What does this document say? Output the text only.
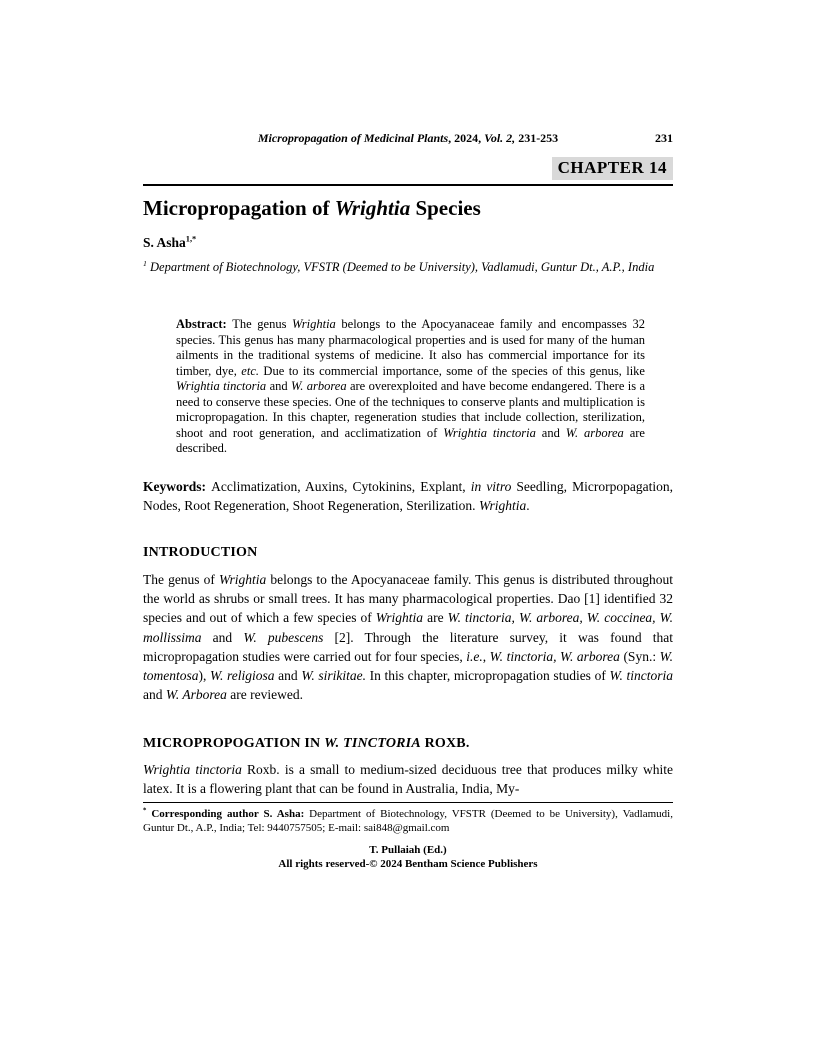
Micropropagation of Medicinal Plants, 2024, Vol. 2, 231-253	231
CHAPTER 14
Micropropagation of Wrightia Species
S. Asha$^{1,*}$
$^1$ Department of Biotechnology, VFSTR (Deemed to be University), Vadlamudi, Guntur Dt., A.P., India
Abstract: The genus Wrightia belongs to the Apocyanaceae family and encompasses 32 species. This genus has many pharmacological properties and is used for many of the human ailments in the traditional systems of medicine. It also has commercial importance for its timber, dye, etc. Due to its commercial importance, some of the species of this genus, like Wrightia tinctoria and W. arborea are overexploited and have become endangered. There is a need to conserve these species. One of the techniques to conserve plants and multiplication is micropropagation. In this chapter, regeneration studies that include collection, sterilization, shoot and root generation, and acclimatization of Wrightia tinctoria and W. arborea are described.
Keywords: Acclimatization, Auxins, Cytokinins, Explant, in vitro Seedling, Microrpopagation, Nodes, Root Regeneration, Shoot Regeneration, Sterilization. Wrightia.
INTRODUCTION
The genus of Wrightia belongs to the Apocyanaceae family. This genus is distributed throughout the world as shrubs or small trees. It has many pharmacological properties. Dao [1] identified 32 species and out of which a few species of Wrightia are W. tinctoria, W. arborea, W. coccinea, W. mollissima and W. pubescens [2]. Through the literature survey, it was found that micropropagation studies were carried out for four species, i.e., W. tinctoria, W. arborea (Syn.: W. tomentosa), W. religiosa and W. sirikitae. In this chapter, micropropagation studies of W. tinctoria and W. Arborea are reviewed.
MICROPROPOGATION IN W. TINCTORIA ROXB.
Wrightia tinctoria Roxb. is a small to medium-sized deciduous tree that produces milky white latex. It is a flowering plant that can be found in Australia, India, My-
* Corresponding author S. Asha: Department of Biotechnology, VFSTR (Deemed to be University), Vadlamudi, Guntur Dt., A.P., India; Tel: 9440757505; E-mail: sai848@gmail.com
T. Pullaiah (Ed.)
All rights reserved-© 2024 Bentham Science Publishers
